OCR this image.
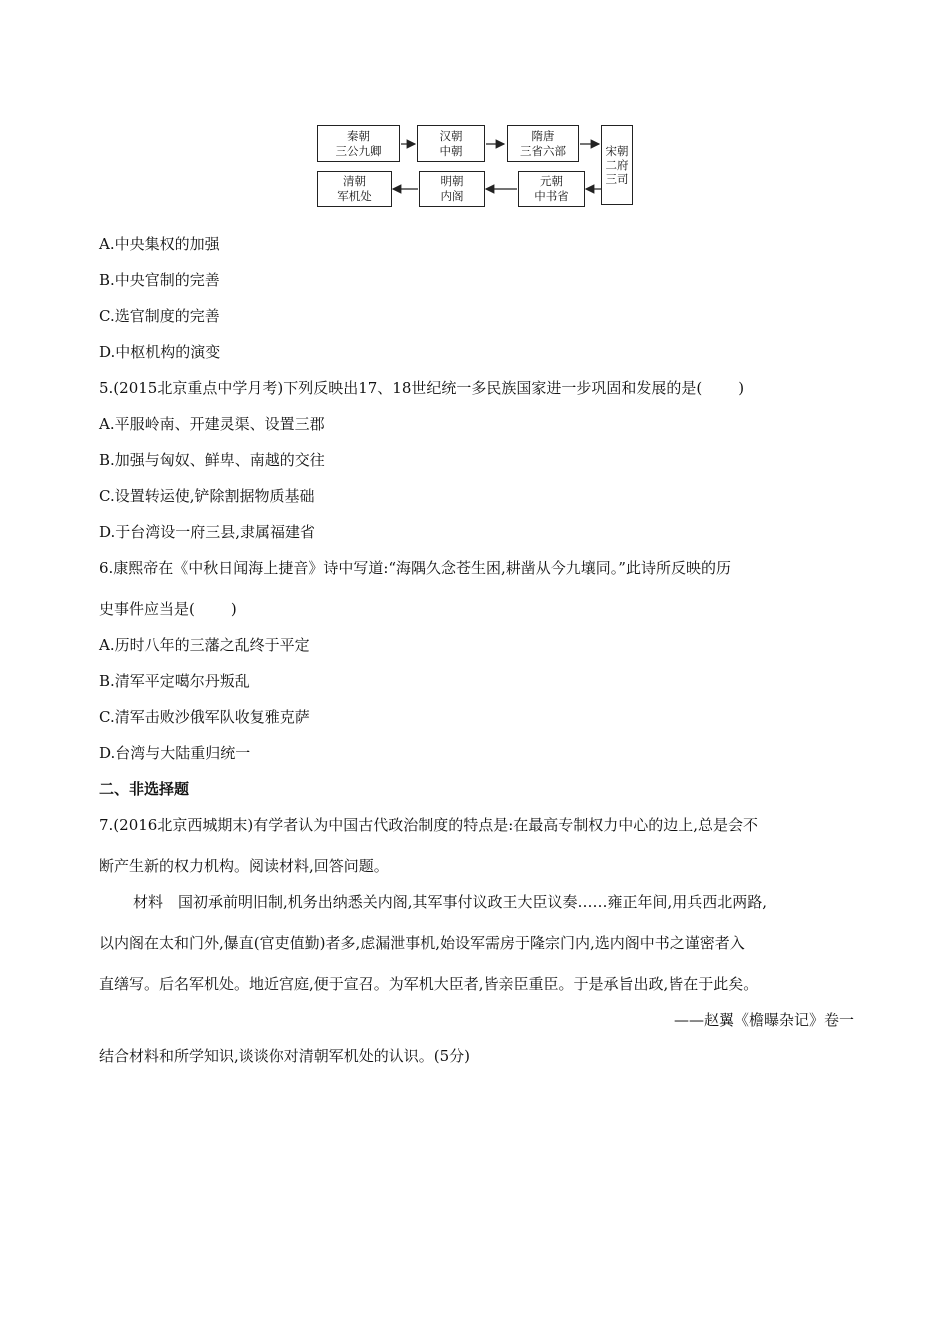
秦朝
三公九卿
汉朝
中朝
隋唐
三省六部	宋朝
二府
三司
元朝
中书省
明朝
内阁
清朝
军机处

A.中央集权的加强

B.中央官制的完善

C.选官制度的完善

D.中枢机构的演变

5.(2015北京重点中学月考)下列反映出17、18世纪统一多民族国家进一步巩固和发展的是( )

A.平服岭南、开建灵渠、设置三郡

B.加强与匈奴、鲜卑、南越的交往

C.设置转运使,铲除割据物质基础

D.于台湾设一府三县,隶属福建省

6.康熙帝在《中秋日闻海上捷音》诗中写道:“海隅久念苍生困,耕凿从今九壤同。”此诗所反映的历

史事件应当是( )

A.历时八年的三藩之乱终于平定

B.清军平定噶尔丹叛乱

C.清军击败沙俄军队收复雅克萨

D.台湾与大陆重归统一

二、非选择题

7.(2016北京西城期末)有学者认为中国古代政治制度的特点是:在最高专制权力中心的边上,总是会不

断产生新的权力机构。阅读材料,回答问题。

材料　国初承前明旧制,机务出纳悉关内阁,其军事付议政王大臣议奏……雍正年间,用兵西北两路,

以内阁在太和门外,儤直(官吏值勤)者多,虑漏泄事机,始设军需房于隆宗门内,选内阁中书之谨密者入

直缮写。后名军机处。地近宫庭,便于宣召。为军机大臣者,皆亲臣重臣。于是承旨出政,皆在于此矣。

——赵翼《檐曝杂记》卷一

结合材料和所学知识,谈谈你对清朝军机处的认识。(5分)
